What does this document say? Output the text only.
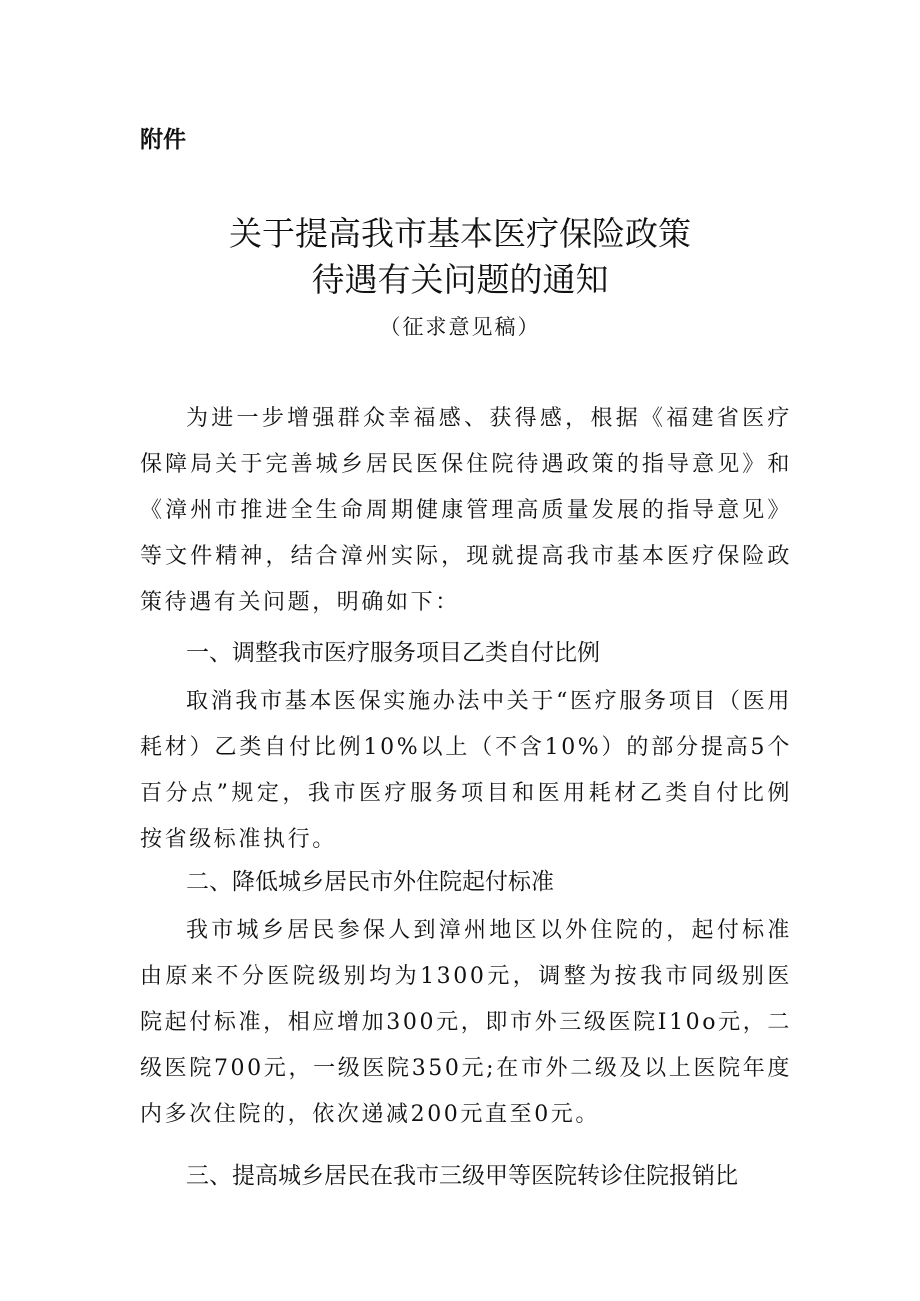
附件
关于提高我市基本医疗保险政策
待遇有关问题的通知
（征求意见稿）

为进一步增强群众幸福感、获得感，根据《福建省医疗保障局关于完善城乡居民医保住院待遇政策的指导意见》和《漳州市推进全生命周期健康管理高质量发展的指导意见》等文件精神，结合漳州实际，现就提高我市基本医疗保险政策待遇有关问题，明确如下：

一、调整我市医疗服务项目乙类自付比例

取消我市基本医保实施办法中关于“医疗服务项目（医用耗材）乙类自付比例10%以上（不含10%）的部分提高5个百分点”规定，我市医疗服务项目和医用耗材乙类自付比例按省级标准执行。

二、降低城乡居民市外住院起付标准

我市城乡居民参保人到漳州地区以外住院的，起付标准由原来不分医院级别均为1300元，调整为按我市同级别医院起付标准，相应增加300元，即市外三级医院I10o元，二级医院700元，一级医院350元;在市外二级及以上医院年度内多次住院的，依次递减200元直至0元。

三、提高城乡居民在我市三级甲等医院转诊住院报销比
